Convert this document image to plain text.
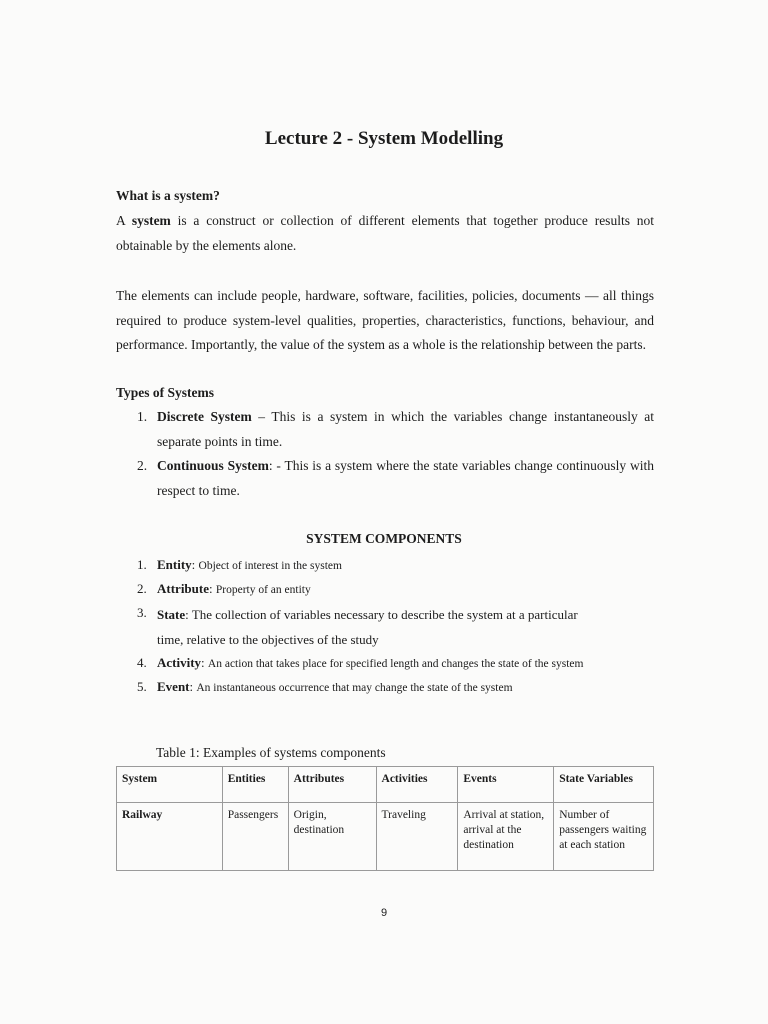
Lecture 2 - System Modelling
What is a system?
A system is a construct or collection of different elements that together produce results not
obtainable by the elements alone.
The elements can include people, hardware, software, facilities, policies, documents — all things
required to produce system-level qualities, properties, characteristics, functions, behaviour, and
performance. Importantly, the value of the system as a whole is the relationship between the parts.
Types of Systems
1. Discrete System – This is a system in which the variables change instantaneously at
separate points in time.
2. Continuous System: - This is a system where the state variables change continuously with
respect to time.
SYSTEM COMPONENTS
1. Entity: Object of interest in the system
2. Attribute: Property of an entity
3. State: The collection of variables necessary to describe the system at a particular
time, relative to the objectives of the study
4. Activity: An action that takes place for specified length and changes the state of the system
5. Event: An instantaneous occurrence that may change the state of the system
Table 1: Examples of systems components
System	Entities	Attributes	Activities	Events	State Variables
Railway	Passengers	Origin, destination	Traveling	Arrival at station, arrival at the destination	Number of passengers waiting at each station
9
